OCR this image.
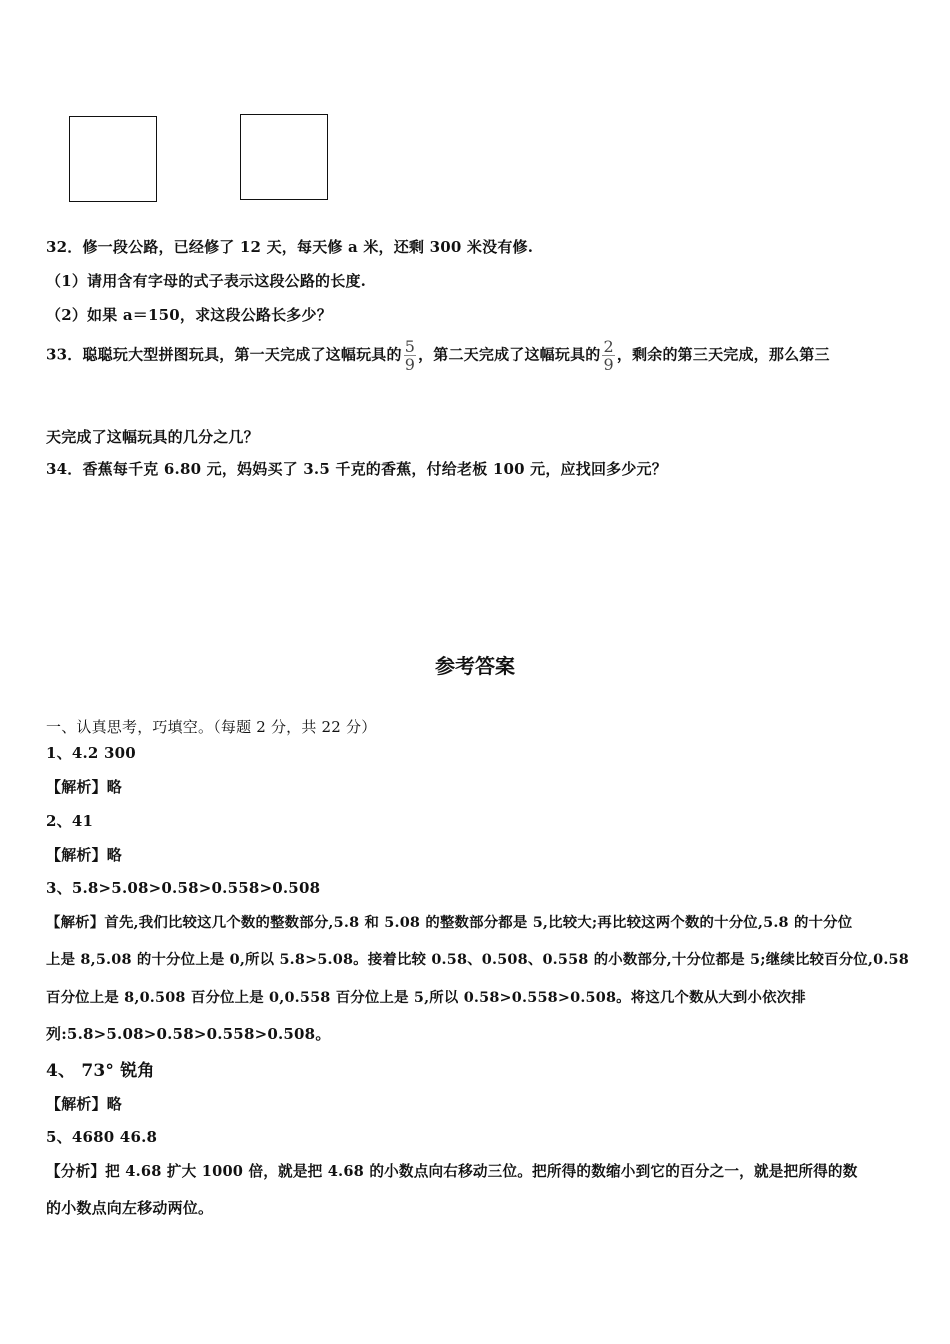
32．修一段公路，已经修了 12 天，每天修 a 米，还剩 300 米没有修.
（1）请用含有字母的式子表示这段公路的长度.
（2）如果 a＝150，求这段公路长多少？
33．聪聪玩大型拼图玩具，第一天完成了这幅玩具的 $\frac{5}{9}$ ，第二天完成了这幅玩具的 $\frac{2}{9}$ ，剩余的第三天完成，那么第三
天完成了这幅玩具的几分之几？
34．香蕉每千克 6.80 元，妈妈买了 3.5 千克的香蕉，付给老板 100 元，应找回多少元？
参考答案
一、认真思考，巧填空。（每题 2 分，共 22 分）
1、4.2 300
【解析】略
2、41
【解析】略
3、5.8>5.08>0.58>0.558>0.508
【解析】首先,我们比较这几个数的整数部分,5.8 和 5.08 的整数部分都是 5,比较大;再比较这两个数的十分位,5.8 的十分位
上是 8,5.08 的十分位上是 0,所以 5.8>5.08。接着比较 0.58、0.508、0.558 的小数部分,十分位都是 5;继续比较百分位,0.58
百分位上是 8,0.508 百分位上是 0,0.558 百分位上是 5,所以 0.58>0.558>0.508。将这几个数从大到小依次排
列:5.8>5.08>0.58>0.558>0.508。
4、 73° 锐角
【解析】略
5、4680 46.8
【分析】把 4.68 扩大 1000 倍，就是把 4.68 的小数点向右移动三位。把所得的数缩小到它的百分之一，就是把所得的数
的小数点向左移动两位。
